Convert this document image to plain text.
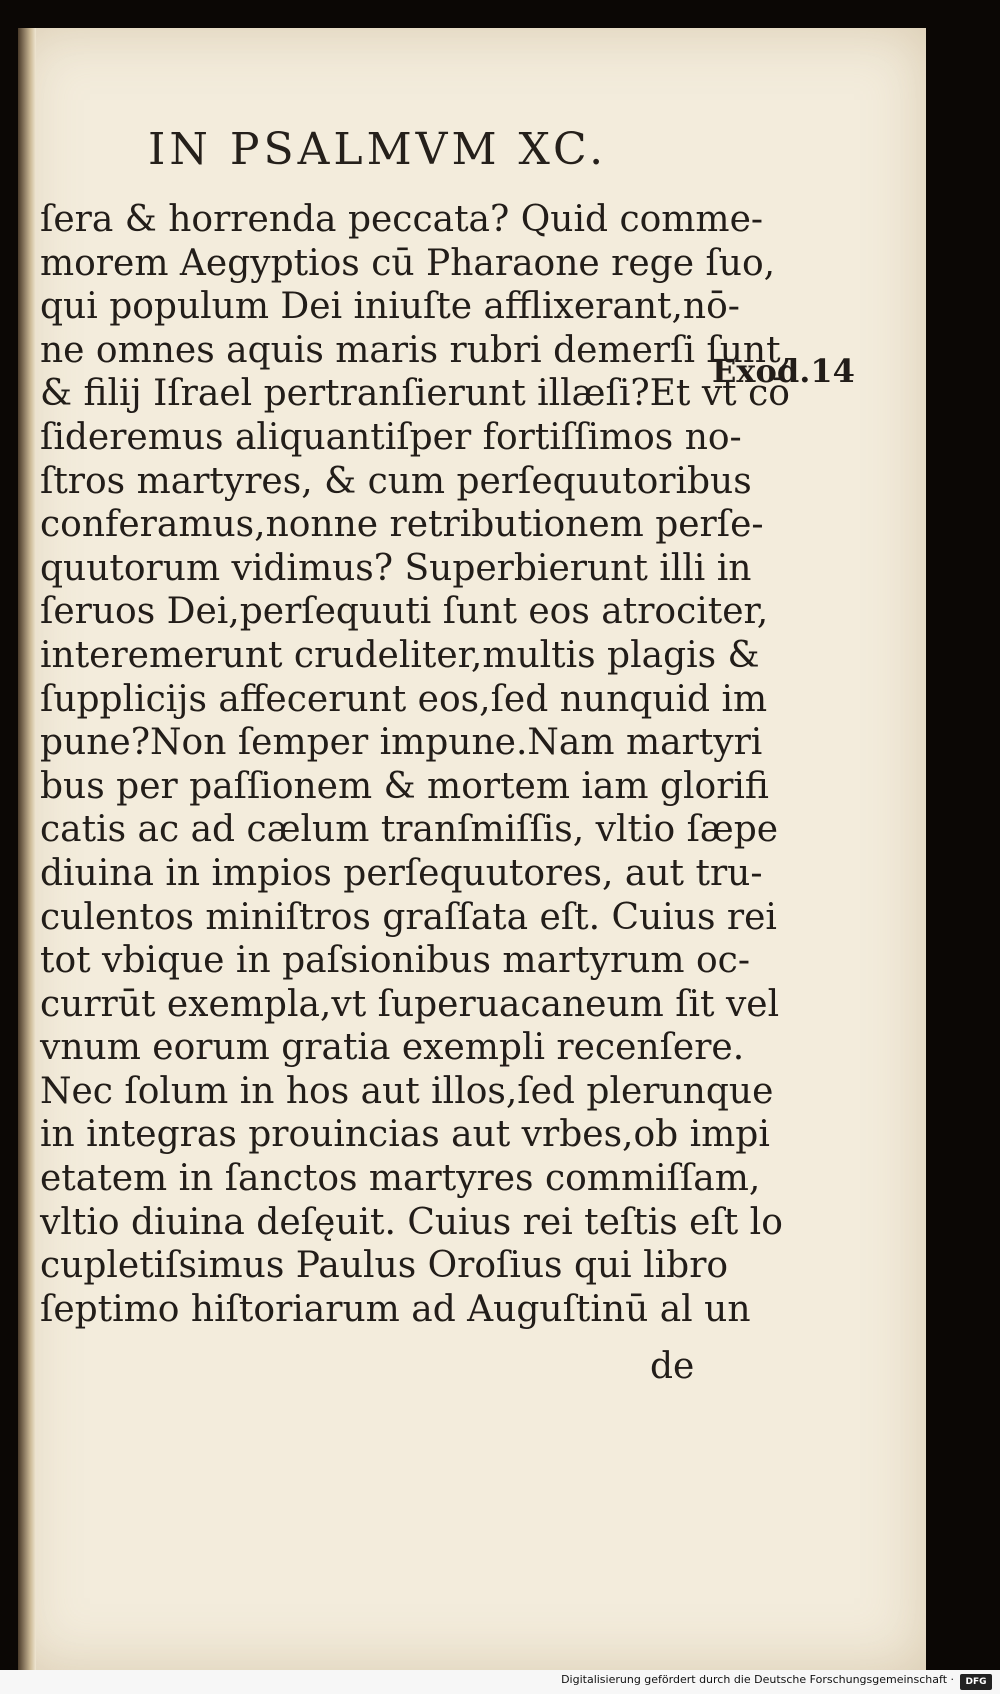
IN PSALMVM XC.
ſera & horrenda peccata? Quid comme-
morem Aegyptios cū Pharaone rege ſuo,
qui populum Dei iniuſte afflixerant,nō-
ne omnes aquis maris rubri demerſi ſunt,
& filij Iſrael pertranſierunt illæſi?Et vt cō
ſideremus aliquantiſper fortiſſimos no-
ſtros martyres, & cum perſequutoribus
conferamus,nonne retributionem perſe-
quutorum vidimus? Superbierunt illi in
ſeruos Dei,perſequuti ſunt eos atrociter,
interemerunt crudeliter,multis plagis &
ſupplicijs affecerunt eos,ſed nunquid im
pune?Non ſemper impune.Nam martyri
bus per paſſionem & mortem iam glorifi
catis ac ad cælum tranſmiſſis, vltio ſæpe
diuina in impios perſequutores, aut tru-
culentos miniſtros graſſata eſt. Cuius rei
tot vbique in paſsionibus martyrum oc-
currūt exempla,vt ſuperuacaneum ſit vel
vnum eorum gratia exempli recenſere.
Nec ſolum in hos aut illos,ſed plerunque
in integras prouincias aut vrbes,ob impi
etatem in ſanctos martyres commiſſam,
vltio diuina deſęuit. Cuius rei teſtis eſt lo
cupletiſsimus Paulus Oroſius qui libro
ſeptimo hiſtoriarum ad Auguſtinū al un
Exod.14
de
Digitalisierung gefördert durch die Deutsche Forschungsgemeinschaft ·	DFG
